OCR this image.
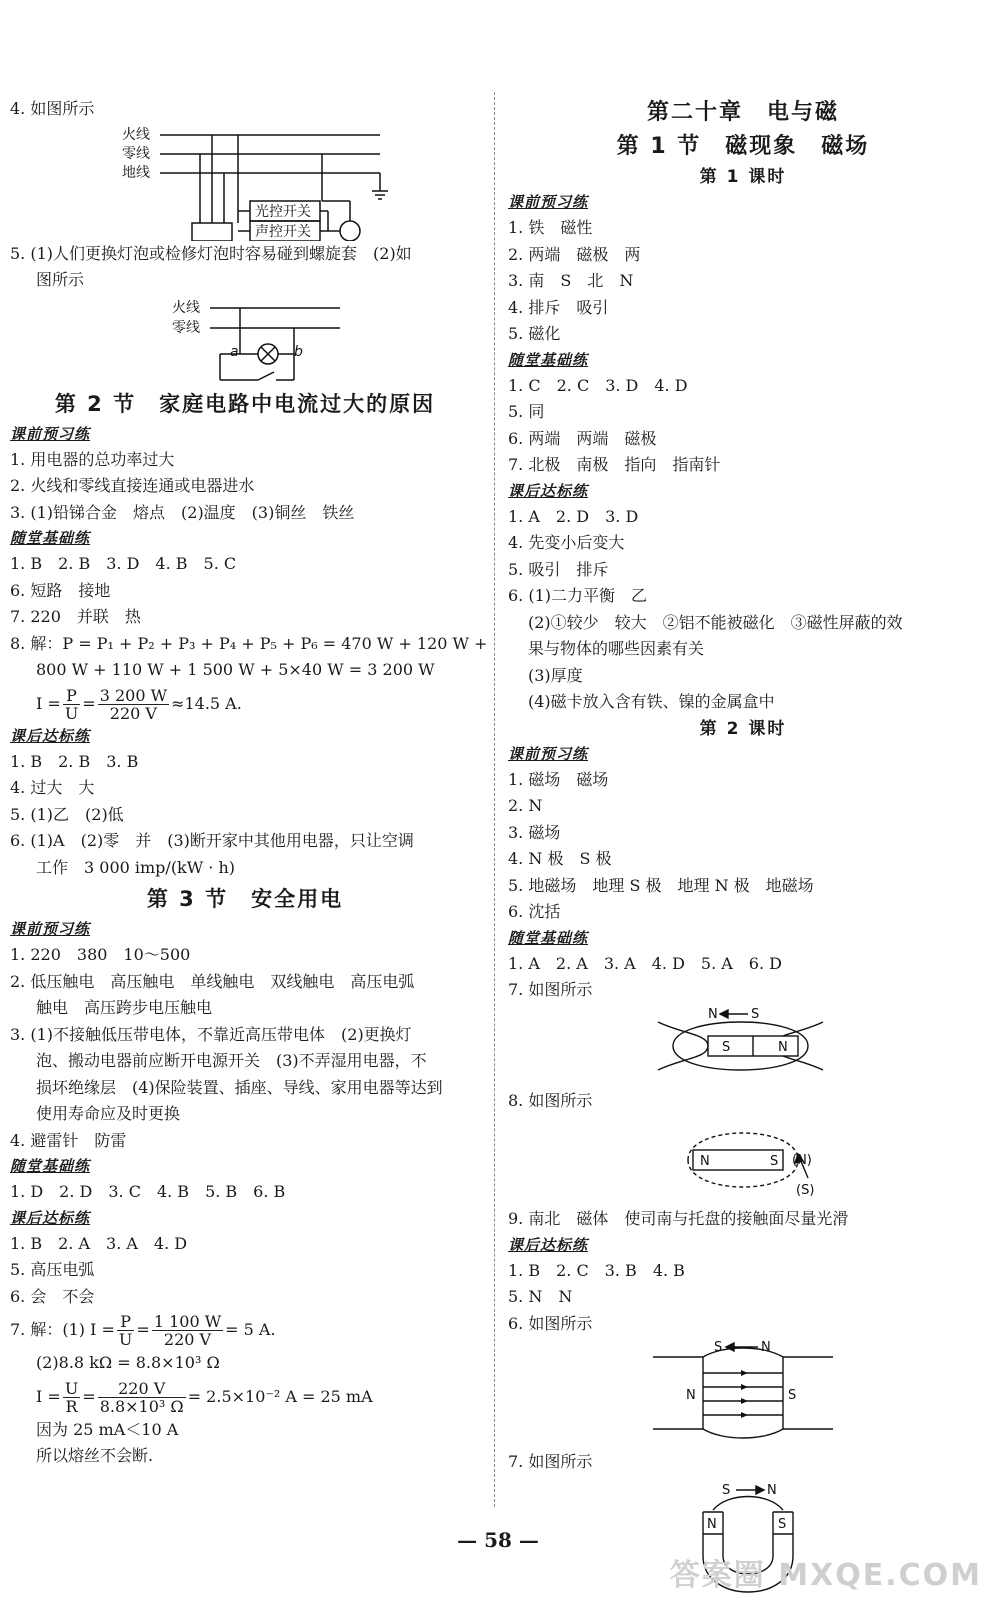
4. 如图所示
火线
零线
地线
光控开关
声控开关
5. (1)人们更换灯泡或检修灯泡时容易碰到螺旋套　(2)如
图所示
火线
零线
a	b
第 2 节　家庭电路中电流过大的原因
课前预习练
1. 用电器的总功率过大
2. 火线和零线直接连通或电器进水
3. (1)铅锑合金　熔点　(2)温度　(3)铜丝　铁丝
随堂基础练
1. B　2. B　3. D　4. B　5. C
6. 短路　接地
7. 220　并联　热
8. 解：P = P₁ + P₂ + P₃ + P₄ + P₅ + P₆ = 470 W + 120 W +
800 W + 110 W + 1 500 W + 5×40 W = 3 200 W
$I = \frac{P}{U} = \frac{3 200 W}{220 V} \approx 14.5$ A.
课后达标练
1. B　2. B　3. B
4. 过大　大
5. (1)乙　(2)低
6. (1)A　(2)零　并　(3)断开家中其他用电器，只让空调
工作　3 000 imp/(kW · h)
第 3 节　安全用电
课前预习练
1. 220　380　10～500
2. 低压触电　高压触电　单线触电　双线触电　高压电弧
触电　高压跨步电压触电
3. (1)不接触低压带电体，不靠近高压带电体　(2)更换灯
泡、搬动电器前应断开电源开关　(3)不弄湿用电器，不
损坏绝缘层　(4)保险装置、插座、导线、家用电器等达到
使用寿命应及时更换
4. 避雷针　防雷
随堂基础练
1. D　2. D　3. C　4. B　5. B　6. B
课后达标练
1. B　2. A　3. A　4. D
5. 高压电弧
6. 会　不会
7. 解：(1) $I = \frac{P}{U} = \frac{1 100 W}{220 V} = 5$ A.
(2)8.8 kΩ = 8.8×10³ Ω
$I = \frac{U}{R} = \frac{220 V}{\text{8.8×10³ Ω}} = 2.5\times 10^{-2}$ A = 25 mA
因为 25 mA＜10 A
所以熔丝不会断.
第二十章　电与磁
第 1 节　磁现象　磁场
第 1 课时
课前预习练
1. 铁　磁性
2. 两端　磁极　两
3. 南　S　北　N
4. 排斥　吸引
5. 磁化
随堂基础练
1. C　2. C　3. D　4. D
5. 同
6. 两端　两端　磁极
7. 北极　南极　指向　指南针
课后达标练
1. A　2. D　3. D
4. 先变小后变大
5. 吸引　排斥
6. (1)二力平衡　乙
(2)①较少　较大　②铝不能被磁化　③磁性屏蔽的效
果与物体的哪些因素有关
(3)厚度
(4)磁卡放入含有铁、镍的金属盒中
第 2 课时
课前预习练
1. 磁场　磁场
2. N
3. 磁场
4. N 极　S 极
5. 地磁场　地理 S 极　地理 N 极　地磁场
6. 沈括
随堂基础练
1. A　2. A　3. A　4. D　5. A　6. D
7. 如图所示
S	N
N	S
8. 如图所示
N	S (N)
(S)
9. 南北　磁体　使司南与托盘的接触面尽量光滑
课后达标练
1. B　2. C　3. B　4. B
5. N　N
6. 如图所示
N	S
S	N
7. 如图所示
N	S
S	N
— 58 —
答案圈 MXQE.COM
